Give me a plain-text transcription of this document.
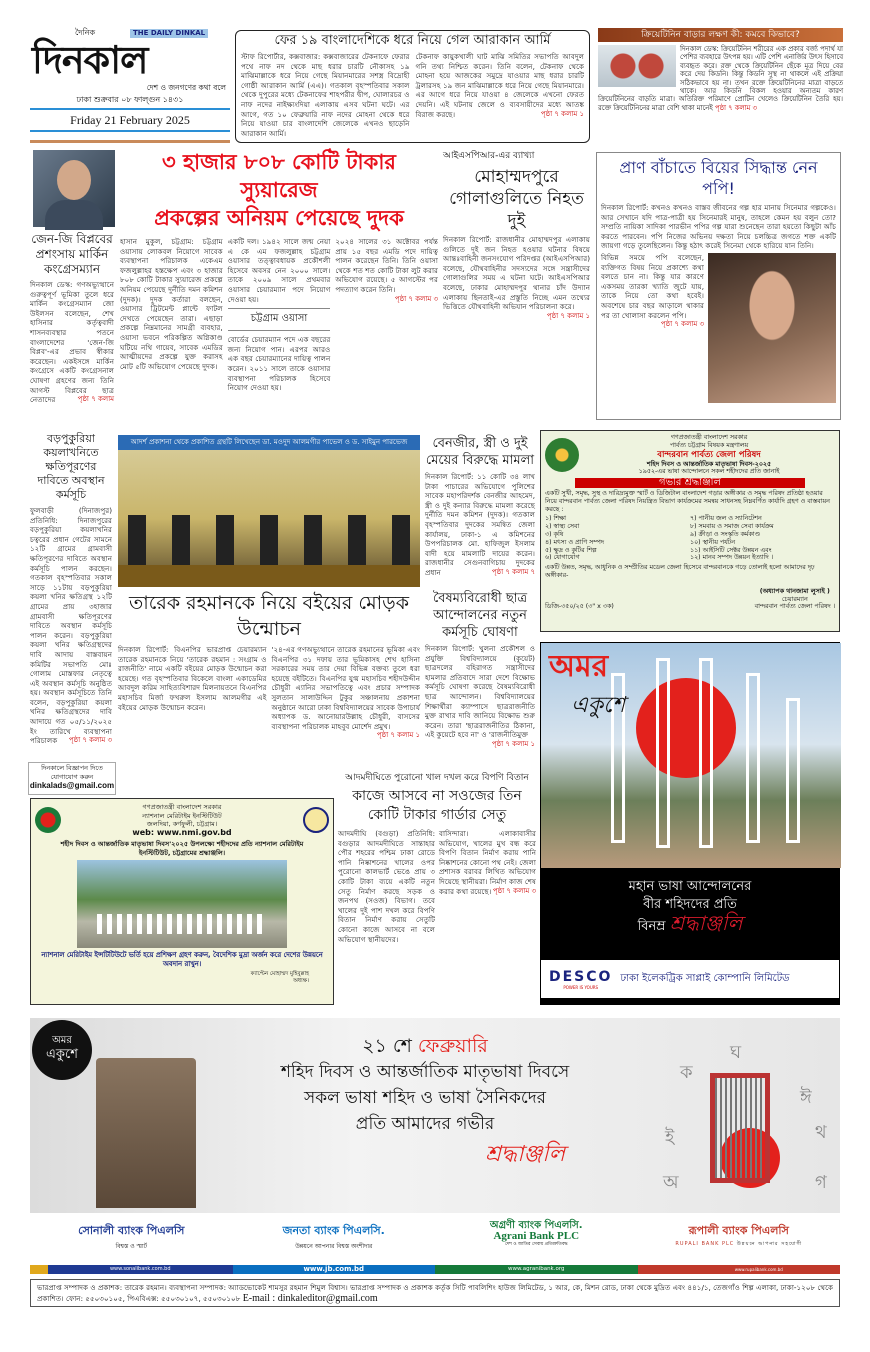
দৈনিক	THE DAILY DINKAL
দিনকাল
দেশ ও জনগণের কথা বলে
ঢাকা শুক্রবার ০৮ ফাল্গুন ১৪৩১
Friday 21 February 2025
ফের ১৯ বাংলাদেশিকে ধরে নিয়ে গেল আরাকান আর্মি
স্টাফ রিপোর্টার, কক্সবাজার: কক্সবাজারের টেকনাফে ফেরার পথে নাফ নদ থেকে মাছ ধরার চারটি নৌকাসহ ১৯ মাঝিমাল্লাকে ধরে নিয়ে গেছে মিয়ানমারের সশস্ত্র বিদ্রোহী গোষ্ঠী আরাকান আর্মি (এএ)। গতকাল বৃহস্পতিবার সকাল থেকে দুপুরের মধ্যে টেকনাফের শাহপরীর দ্বীপ, ঘোলারচর ও নাফ নদের নাইক্ষ্যংদিয়া এলাকায় এসব ঘটনা ঘটে। এর আগে, গত ১০ ফেব্রুয়ারি নাফ নদের মোহনা থেকে ধরে নিয়ে যাওয়া চার বাংলাদেশি জেলেকে এখনও ছাড়েনি আরাকান আর্মি।
টেকনাফ কায়ুকখালী ঘাট মাঝি সমিতির সভাপতি আবদুল গনি তথ্য নিশ্চিত করেন। তিনি বলেন, টেকনাফ থেকে মোহনা হয়ে আজকের সমুদ্রে যাওয়ার মাছ ধরার চারটি ট্রলারসহ ১৯ জন মাঝিমাল্লাকে ধরে নিয়ে গেছে মিয়ানমারে। এর আগে ধরে নিয়ে যাওয়া ৪ জেলেকে এখনো ফেরত দেয়নি। এই ঘটনায় জেলে ও ব্যবসায়ীদের মধ্যে আতঙ্ক বিরাজ করছে।	পৃষ্ঠা ৭ কলাম ১
ক্রিয়েটিনিন বাড়ার লক্ষণ কী: কমবে কিভাবে?
দিনকাল ডেস্ক: ক্রিয়েটিনিন শরীরের এক প্রকার বর্জ্য পদার্থ যা পেশির ব্যবহারে উৎপন্ন হয়। এটি পেশি এনার্জির উৎস হিসাবে ব্যবহৃত করে। রক্ত থেকে ক্রিয়েটিনিন ছেঁকে মূত্র দিয়ে বের করে দেয় কিডনি। কিন্তু কিডনি সুস্থ না থাকলে এই প্রক্রিয়া সঠিকভাবে হয় না। তখন রক্তে ক্রিয়েটিনিনের মাত্রা বাড়তে থাকে। আর কিডনি বিকল হওয়ার অন্যতম কারণ ক্রিয়েটিনিনের বাড়তি মাত্রা। অতিরিক্ত পরিমাণে প্রোটিন খেলেও ক্রিয়েটিনিন তৈরি হয়। রক্তে ক্রিয়েটিনিনের মাত্রা বেশি থাকা মানেই পৃষ্ঠা ৭ কলাম ৩
জেন-জি বিপ্লবের প্রশংসায় মার্কিন কংগ্রেসম্যান
দিনকাল ডেস্ক: গণঅভ্যুত্থানে গুরুত্বপূর্ণ ভূমিকা তুলে ধরে মার্কিন কংগ্রেসম্যান জো উইলসন বলেছেন, শেখ হাসিনার কর্তৃত্ববাদী শাসনব্যবস্থার পতনে বাংলাদেশের 'জেন-জি বিপ্লব'-এর প্রভাব স্বীকার করেছেন। একইসঙ্গে মার্কিন কংগ্রেসে একটি কংগ্রেসনাল ঘোষণা গ্রহণের জন্য তিনি আগস্ট বিপ্লবের ছাত্র নেতাদের	পৃষ্ঠা ৭ কলাম
৩ হাজার ৮০৮ কোটি টাকার স্যুয়ারেজ
প্রকল্পের অনিয়ম পেয়েছে দুদক
হাসান মুকুল, চট্টগ্রাম: চট্টগ্রাম ওয়াসায় লোকবল নিয়োগে সাবেক ব্যবস্থাপনা পরিচালক একেএম ফজলুল্লাহর হস্তক্ষেপ এবং ৩ হাজার ৮০৮ কোটি টাকার স্যুয়ারেজ প্রকল্পে অনিয়ম পেয়েছে দুর্নীতি দমন কমিশন (দুদক)। দুদক কর্তারা বলছেন, ওয়াসার ট্রিটমেন্ট প্লান্টে ফাটল দেখতে পেয়েছেন তারা। এছাড়া প্রকল্পে নিম্নমানের সামগ্রী ব্যবহার, ওয়াসা ভবনে পরিকল্পিত অগ্নিকাণ্ড ঘটিয়ে নথি গায়েব, সাবেক এমডির আত্মীয়দের প্রকল্পে যুক্ত করাসহ মোট ৫টি অভিযোগ পেয়েছে দুদক।
একটি দল। ১৯৪২ সালে জন্ম নেয়া এ কে এম ফজলুল্লাহ চট্টগ্রাম ওয়াসার তত্ত্বাবধায়ক প্রকৌশলী হিসেবে অবসর নেন ২০০০ সালে। তাকে ২০০৯ সালে প্রথমবার ওয়াসার চেয়ারম্যান পদে নিয়োগ দেওয়া হয়।
চট্টগ্রাম ওয়াসা
বোর্ডের চেয়ারম্যান পদে এক বছরের জন্য নিয়োগ পান। এরপর আরও এক বছর চেয়ারম্যানের দায়িত্ব পালন করেন। ২০১১ সালে তাকে ওয়াসার ব্যবস্থাপনা পরিচালক হিসেবে নিয়োগ দেওয়া হয়।
২০২৪ সালের ৩১ অক্টোবর পর্যন্ত প্রায় ১৫ বছর এমডি পদে দায়িত্ব পালন করেছেন তিনি। তিনি ওয়াসা থেকে শত শত কোটি টাকা লুট করার অভিযোগ রয়েছে। ৫ আগস্টের পর পদত্যাগ করেন তিনি।
পৃষ্ঠা ৭ কলাম ৩
আইএসপিআর-এর ব্যাখ্যা
মোহাম্মদপুরে গোলাগুলিতে নিহত দুই
দিনকাল রিপোর্ট: রাজধানীর মোহাম্মদপুর এলাকায় গুলিতে দুই জন নিহত হওয়ার ঘটনার বিষয়ে আন্তঃবাহিনী জনসংযোগ পরিদপ্তর (আইএসপিআর) বলেছে, যৌথবাহিনীর সদস্যদের সঙ্গে সন্ত্রাসীদের গোলাগুলির সময় এ ঘটনা ঘটে। আইএসপিআর বলেছে, ঢাকার মোহাম্মদপুর থানার চাঁদ উদ্যান এলাকায় ছিনতাই-এর প্রস্তুতি নিচ্ছে এমন তথ্যের ভিত্তিতে যৌথবাহিনী অভিযান পরিচালনা করে।
পৃষ্ঠা ৭ কলাম ১
প্রাণ বাঁচাতে বিয়ের সিদ্ধান্ত নেন পপি!
দিনকাল রিপোর্ট: কখনও কখনও বাস্তব জীবনের গল্প হার মানায় সিনেমার গল্পকেও। আর সেখানে যদি পাত্র-পাত্রী হয় সিনেমারই মানুষ, তাহলে কেমন হয় বলুন তো? সম্প্রতি নায়িকা সাদিকা পারভীন পপির গল্প যারা শুনেছেন তারা হয়তো কিছুটা আঁচ করতে পারবেন। পপি নিজের অভিনয় দক্ষতা নিয়ে চলচ্চিত্র জগতে শক্ত একটি জায়গা গড়ে তুলেছিলেন। কিন্তু হঠাৎ করেই সিনেমা থেকে হারিয়ে যান তিনি।
বিভিন্ন সময়ে পপি বলেছেন, ব্যক্তিগত বিষয় নিয়ে প্রকাশ্যে কথা বলতে চান না। কিন্তু যার কারণে একসময় তারকা খ্যাতি জুটে যায়, তাকে নিয়ে তো কথা হবেই। অবশেষে চার বছর আড়ালে থাকার পর তা খোলাসা করলেন পপি।
পৃষ্ঠা ৭ কলাম ৩
বড়পুকুরিয়া কয়লাখনিতে ক্ষতিপূরণের দাবিতে অবস্থান কর্মসূচি
ফুলবাড়ী (দিনাজপুর) প্রতিনিধি: দিনাজপুরের বড়পুকুরিয়া কয়লাখনির চত্বরের প্রধান গেটের সামনে ১২টি গ্রামের গ্রামবাসী ক্ষতিপূরণের দাবিতে অবস্থান কর্মসূচি পালন করছেন। গতকাল বৃহস্পতিবার সকাল সাড়ে ১১টায় বড়পুকুরিয়া কয়লা খনির ক্ষতিগ্রস্থ ১২টি গ্রামের প্রায় ৩হাজার গ্রামবাসী ক্ষতিপূরণের দাবিতে অবস্থান কর্মসূচি পালন করেন। বড়পুকুরিয়া কয়লা খনির ক্ষতিগ্রস্থদের দাবি আদায় বাস্তবায়ন কমিটির সভাপতি মোঃ গোলাম মোস্তফার নেতৃত্বে এই অবস্থান কর্মসূচি অনুষ্ঠিত হয়। অবস্থান কর্মসূচিতে তিনি বলেন, বড়পুকুরিয়া কয়লা খনির ক্ষতিগ্রস্থদের দাবি আদায়ে গত ০৫/১১/২০২৫ ইং তারিখে ব্যবস্থাপনা পরিচালক পৃষ্ঠা ৭ কলাম ৩
দিনকালে বিজ্ঞাপন দিতে যোগাযোগ করুন
dinkalads@gmail.com
আদর্শ প্রকাশনা থেকে প্রকাশিত গ্রন্থটি লিখেছেন ডা. মওদুদ আলমগীর পাভেল ও ড. সাইমুন পারভেজ
তারেক রহমানকে নিয়ে বইয়ের মোড়ক উন্মোচন
দিনকাল রিপোর্ট: বিএনপির ভারপ্রাপ্ত চেয়ারম্যান তারেক রহমানকে নিয়ে 'তারেক রহমান : সংগ্রাম ও রাজনীতি' নামে একটি বইয়ের মোড়ক উন্মোচন করা হয়েছে। গত বৃহস্পতিবার বিকেলে বাংলা একাডেমির আবদুল করিম সাহিত্যবিশারদ মিলনায়তনে বিএনপির মহাসচিব মির্জা ফখরুল ইসলাম আলমগীর এই বইয়ের মোড়ক উন্মোচন করেন।
'২৪-এর গণঅভ্যুত্থানে তারেক রহমানের ভূমিকা এবং বিএনপির ৩১ দফায় তার ভূমিকাসহ শেখ হাসিনা সরকারের সময় তার দেয়া বিভিন্ন বক্তব্য তুলে ধরা হয়েছে বইটিতে। বিএনপির যুগ্ম মহাসচিব শহীদউদ্দীন চৌধুরী এ্যানির সভাপতিত্বে এবং প্রচার সম্পাদক সুলতান সালাউদ্দিন টুকুর সঞ্চালনায় প্রকাশনা অনুষ্ঠানে আরো ঢাকা বিশ্ববিদ্যালয়ের সাবেক উপাচার্য অধ্যাপক ড. আনোয়ারউল্লাহ চৌধুরী, বাসসের ব্যবস্থাপনা পরিচালক মাহবুব মোর্শেদ প্রমুখ।
পৃষ্ঠা ৭ কলাম ১
বেনজীর, স্ত্রী ও দুই মেয়ের বিরুদ্ধে মামলা
দিনকাল রিপোর্ট: ১১ কোটি ৩৪ লাখ টাকা পাচারের অভিযোগে পুলিশের সাবেক মহাপরিদর্শক বেনজীর আহমেদ, স্ত্রী ও দুই কন্যার বিরুদ্ধে মামলা করেছে দুর্নীতি দমন কমিশন (দুদক)। গতকাল বৃহস্পতিবার দুদকের সমন্বিত জেলা কার্যালয়, ঢাকা-১ এ কমিশনের উপপরিচালক মো. হাফিজুল ইসলাম বাদী হয়ে মামলাটি দায়ের করেন। রাজধানীর সেগুনবাগিচায় দুদকের প্রধান	পৃষ্ঠা ৭ কলাম ৭
বৈষম্যবিরোধী ছাত্র আন্দোলনের নতুন কর্মসূচি ঘোষণা
দিনকাল রিপোর্ট: খুলনা প্রকৌশল ও প্রযুক্তি বিশ্ববিদ্যালয়ে (কুয়েট) ছাত্রদলের বহিরাগত সন্ত্রাসীদের হামলার প্রতিবাদে সারা দেশে বিক্ষোভ কর্মসূচি ঘোষণা করেছে বৈষম্যবিরোধী ছাত্র আন্দোলন। বিশ্ববিদ্যালয়ের শিক্ষার্থীরা ক্যাম্পাসে ছাত্ররাজনীতি মুক্ত রাখার দাবি জানিয়ে বিক্ষোভ শুরু করেন। তারা 'ছাত্ররাজনীতির ঠিকানা, এই কুয়েটে হবে না' ও 'রাজনীতিমুক্ত
পৃষ্ঠা ৭ কলাম ১
গণপ্রজাতন্ত্রী বাংলাদেশ সরকার
পার্বত্য চট্টগ্রাম বিষয়ক মন্ত্রণালয়
বান্দরবান পার্বত্য জেলা পরিষদ
শহিদ দিবস ও আন্তর্জাতিক মাতৃভাষা দিবস-২০২৫
১৯৫২-এর ভাষা আন্দোলনে সকল শহীদদের প্রতি জানাই
গভীর শ্রদ্ধাঞ্জলি
একটি সুখী, সমৃদ্ধ, সুস্থ ও দারিদ্র্যমুক্ত স্মার্ট ও ডিজিটাল বাংলাদেশ গড়ার অঙ্গীকার ও সমৃদ্ধ পরিষদ প্রতিষ্ঠা হওয়ার নিয়ে বান্দরবান পার্বত্য জেলা পরিষদ নিয়ন্ত্রিত বিভাগ কার্যক্রমের সমন্বয় সাধনসহ নিম্নবর্ণিত কার্যাদি গ্রহণ ও বাস্তবায়ন করছে :
১) শিক্ষা
২) স্বাস্থ্য সেবা
৩) কৃষি
৪) মৎস্য ও প্রাণি সম্পদ
৫) ক্ষুদ্র ও কুটির শিল্প
৬) যোগাযোগ
৭) পানীয় জল ও স্যানিটেশন
৮) সমবায় ও সমাজ সেবা কার্যক্রম
৯) ক্রীড়া ও সংস্কৃতি কর্মকাণ্ড
১০) স্থানীয় পর্যটন
১১) আইসিটি সেক্টর উন্নয়ন এবং
১২) মানব সম্পদ উন্নয়ন ইত্যাদি ।
একটি উন্নত, সমৃদ্ধ, আধুনিক ও সম্প্রীতির মডেল জেলা হিসেবে বান্দরবানকে গড়ে তোলাই হলো আমাদের দৃঢ় অঙ্গীকার-
ডিজি-৩৫০/২৫ (৩" x ৩ক)
(অধ্যাপক থানজামা লুসাই )
চেয়ারম্যান
বান্দরবান পার্বত্য জেলা পরিষদ ।
অমর
একুশে
মহান ভাষা আন্দোলনের
বীর শহিদদের প্রতি
বিনম্র শ্রদ্ধাঞ্জলি
DESCO
POWER IS YOURS
ঢাকা ইলেকট্রিক সাপ্লাই কোম্পানি লিমিটেড
গণপ্রজাতন্ত্রী বাংলাদেশ সরকার
ন্যাশনাল মেরিটাইম ইনস্টিটিউট
জলদিয়া, কর্ণফুলী, চট্টগ্রাম।
web: www.nmi.gov.bd
শহীদ দিবস ও আন্তর্জাতিক মাতৃভাষা দিবস'২০২৫ উপলক্ষ্যে শহীদদের প্রতি ন্যাশনাল মেরিটাইম ইনস্টিটিউট, চট্টগ্রামের শ্রদ্ধাঞ্জলি।
ন্যাশনাল মেরিটাইম ইন্সটিটিউটে ভর্তি হয়ে প্রশিক্ষণ গ্রহণ করুন, বৈদেশিক মুদ্রা অর্জন করে দেশের উন্নয়নে অবদান রাখুন।
ক্যাপ্টেন মোহাম্মদ মুহিবুল্লাহ
অধ্যক্ষ।
আদমদীঘিতে পুরোনো খাল দখল করে বিপণি বিতান
কাজে আসবে না সওজের তিন কোটি টাকার গার্ডার সেতু
আদমদীঘি (বগুড়া) প্রতিনিধি: বগুড়ার আদমদীঘিতে সান্তাহার পৌর শহরের পশ্চিম ঢাকা রোডে পানি নিষ্কাশনের খালের ওপর পুরোনো কালভার্ট ভেঙে প্রায় ৩ কোটি টাকা ব্যয়ে একটি নতুন সেতু নির্মাণ করছে সড়ক ও জনপথ (সওজ) বিভাগ। তবে খালের দুই পাশ দখল করে বিপণি বিতান নির্মাণ করায় সেতুটি কোনো কাজে আসবে না বলে অভিযোগ স্থানীয়দের।
বাসিন্দারা। এলাকাবাসীর অভিযোগ, খালের মুখ বন্ধ করে বিপণি বিতান নির্মাণ করায় পানি নিষ্কাশনের কোনো পথ নেই। জেলা প্রশাসক বরাবর লিখিত অভিযোগ দিয়েছে স্থানীয়রা। নির্মাণ কাজ শেষ করার কথা রয়েছে। পৃষ্ঠা ৭ কলাম ৩
অমর
একুশে	২১ শে ফেব্রুয়ারি
শহিদ দিবস ও আন্তর্জাতিক মাতৃভাষা দিবসে
সকল ভাষা শহিদ ও ভাষা সৈনিকদের
প্রতি আমাদের গভীর
শ্রদ্ধাঞ্জলি
ক
ঘ
ঈ
থ
ই
অ	গ
সোনালী ব্যাংক পিএলসি
বিশ্বস্ত ও স্মার্ট
www.sonalibank.com.bd
জনতা ব্যাংক পিএলসি.
উন্নয়নে আপনার বিশ্বস্ত অংশীদার
www.jb.com.bd
অগ্রণী ব্যাংক পিএলসি.
Agrani Bank PLC
দেশ ও জাতির সেবায় প্রতিশ্রুতিবদ্ধ
www.agranibank.org
রূপালী ব্যাংক পিএলসি
RUPALI BANK PLC উন্নয়নে আপনার সহযোগী
www.rupalibank.com.bd
ভারপ্রাপ্ত সম্পাদক ও প্রকাশক: তারেক রহমান। ব্যবস্থাপনা সম্পাদক: অ্যাডভোকেট শামসুর রহমান শিমুল বিশ্বাস। ভারপ্রাপ্ত সম্পাদক ও প্রকাশক কর্তৃক সিটি পাবলিশিং হাউজ লিমিটেড, ১ আর, কে, মিশন রোড, ঢাকা থেকে মুদ্রিত এবং ৪৪১/১, তেজগাঁও শিল্প এলাকা, ঢাকা-১২০৮ থেকে প্রকাশিত। ফোন: ৫৫০৩০১০৫, পিএবিএক্স: ৫৫০৩০১০৭, ৫৫০৩০১০৮ E-mail : dinkaleditor@gmail.com
